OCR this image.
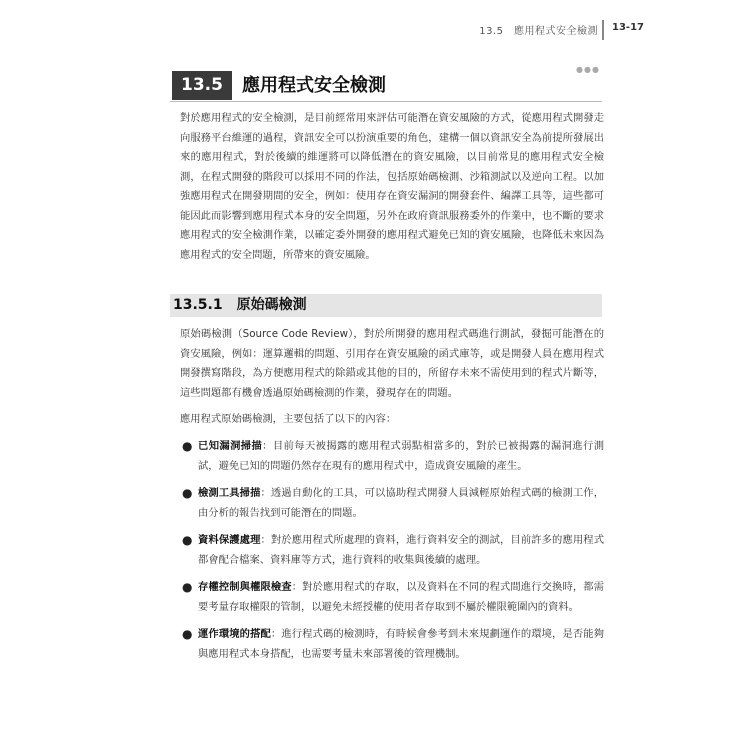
13.5　應用程式安全檢測 13-17
●●●
13.5	應用程式安全檢測
對於應用程式的安全檢測，是目前經常用來評估可能潛在資安風險的方式，從應用程式開發走向服務平台維運的過程，資訊安全可以扮演重要的角色，建構一個以資訊安全為前提所發展出來的應用程式，對於後續的維運將可以降低潛在的資安風險，以目前常見的應用程式安全檢測，在程式開發的階段可以採用不同的作法，包括原始碼檢測、沙箱測試以及逆向工程。以加強應用程式在開發期間的安全，例如：使用存在資安漏洞的開發套件、編譯工具等，這些都可能因此而影響到應用程式本身的安全問題，另外在政府資訊服務委外的作業中，也不斷的要求應用程式的安全檢測作業，以確定委外開發的應用程式避免已知的資安風險，也降低未來因為應用程式的安全問題，所帶來的資安風險。
13.5.1　原始碼檢測
原始碼檢測（Source Code Review），對於所開發的應用程式碼進行測試，發掘可能潛在的資安風險，例如：運算邏輯的問題、引用存在資安風險的函式庫等，或是開發人員在應用程式開發撰寫階段，為方便應用程式的除錯或其他的目的，所留存未來不需使用到的程式片斷等，這些問題都有機會透過原始碼檢測的作業，發現存在的問題。
應用程式原始碼檢測，主要包括了以下的內容：
● 已知漏洞掃描：目前每天被揭露的應用程式弱點相當多的，對於已被揭露的漏洞進行測試，避免已知的問題仍然存在現有的應用程式中，造成資安風險的產生。
● 檢測工具掃描：透過自動化的工具，可以協助程式開發人員減輕原始程式碼的檢測工作，由分析的報告找到可能潛在的問題。
● 資料保護處理：對於應用程式所處理的資料，進行資料安全的測試，目前許多的應用程式都會配合檔案、資料庫等方式，進行資料的收集與後續的處理。
● 存權控制與權限檢查：對於應用程式的存取，以及資料在不同的程式間進行交換時，都需要考量存取權限的管制，以避免未經授權的使用者存取到不屬於權限範圍內的資料。
● 運作環境的搭配：進行程式碼的檢測時，有時候會參考到未來規劃運作的環境，是否能夠與應用程式本身搭配，也需要考量未來部署後的管理機制。
